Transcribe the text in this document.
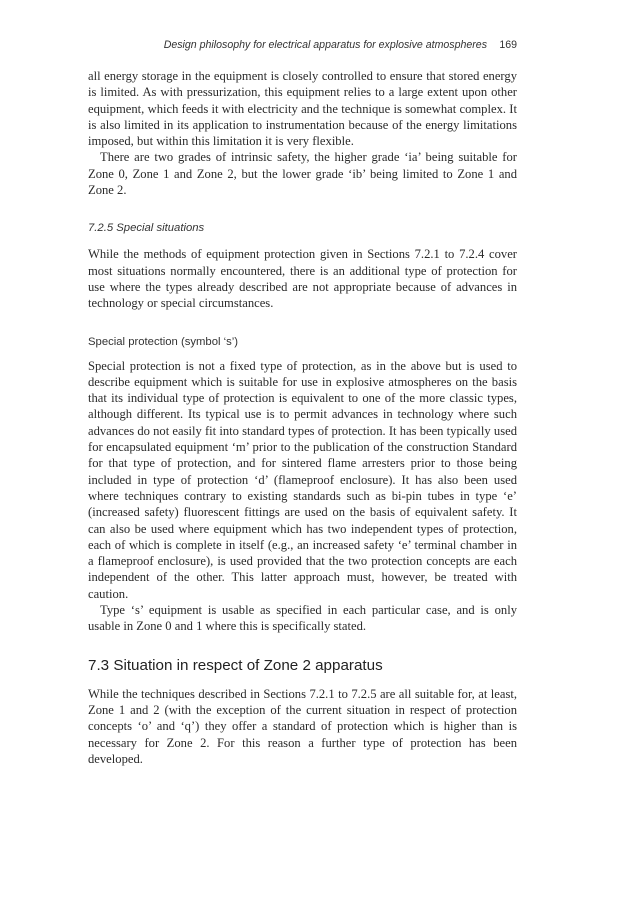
Design philosophy for electrical apparatus for explosive atmospheres 169

all energy storage in the equipment is closely controlled to ensure that stored energy is limited. As with pressurization, this equipment relies to a large extent upon other equipment, which feeds it with electricity and the technique is somewhat complex. It is also limited in its application to instrumentation because of the energy limitations imposed, but within this limitation it is very flexible.

There are two grades of intrinsic safety, the higher grade ‘ia’ being suitable for Zone 0, Zone 1 and Zone 2, but the lower grade ‘ib’ being limited to Zone 1 and Zone 2.

7.2.5 Special situations

While the methods of equipment protection given in Sections 7.2.1 to 7.2.4 cover most situations normally encountered, there is an additional type of protection for use where the types already described are not appropriate because of advances in technology or special circumstances.

Special protection (symbol ‘s’)

Special protection is not a fixed type of protection, as in the above but is used to describe equipment which is suitable for use in explosive atmospheres on the basis that its individual type of protection is equivalent to one of the more classic types, although different. Its typical use is to permit advances in technology where such advances do not easily fit into standard types of protection. It has been typically used for encapsulated equipment ‘m’ prior to the publication of the construction Standard for that type of protection, and for sintered flame arresters prior to those being included in type of protection ‘d’ (flameproof enclosure). It has also been used where techniques contrary to existing standards such as bi-pin tubes in type ‘e’ (increased safety) fluorescent fittings are used on the basis of equivalent safety. It can also be used where equipment which has two independent types of protection, each of which is complete in itself (e.g., an increased safety ‘e’ terminal chamber in a flameproof enclosure), is used provided that the two protection concepts are each independent of the other. This latter approach must, however, be treated with caution.

Type ‘s’ equipment is usable as specified in each particular case, and is only usable in Zone 0 and 1 where this is specifically stated.

7.3 Situation in respect of Zone 2 apparatus

While the techniques described in Sections 7.2.1 to 7.2.5 are all suitable for, at least, Zone 1 and 2 (with the exception of the current situation in respect of protection concepts ‘o’ and ‘q’) they offer a standard of protection which is higher than is necessary for Zone 2. For this reason a further type of protection has been developed.
